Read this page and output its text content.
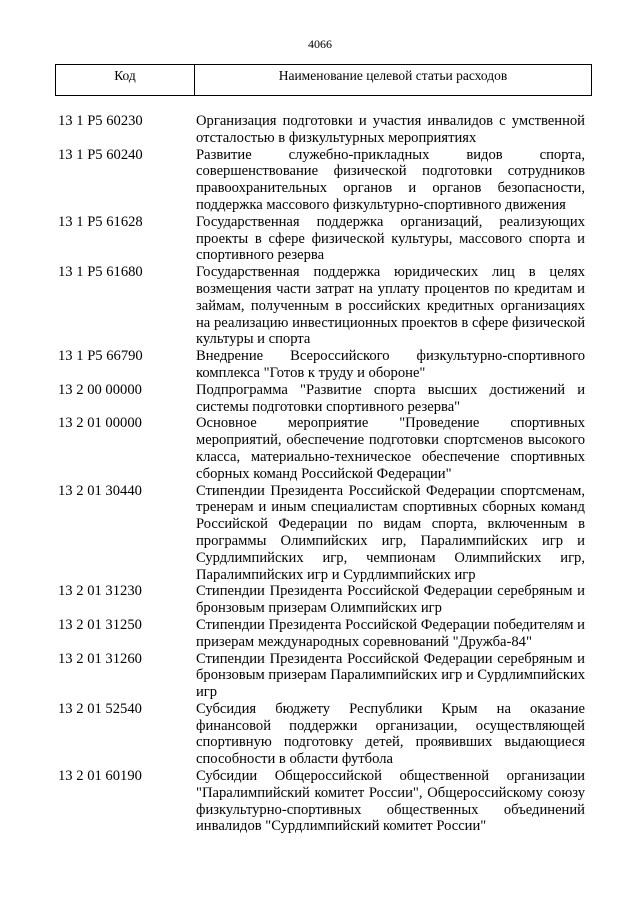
4066
Код	Наименование целевой статьи расходов
13 1 Р5 60230	Организация подготовки и участия инвалидов с умственной
отсталостью в физкультурных мероприятиях
13 1 Р5 60240	Развитие служебно-прикладных видов спорта,
совершенствование физической подготовки сотрудников
правоохранительных органов и органов безопасности,
поддержка массового физкультурно-спортивного движения
13 1 Р5 61628	Государственная поддержка организаций, реализующих
проекты в сфере физической культуры, массового спорта и
спортивного резерва
13 1 Р5 61680	Государственная поддержка юридических лиц в целях
возмещения части затрат на уплату процентов по кредитам и
займам, полученным в российских кредитных организациях
на реализацию инвестиционных проектов в сфере физической
культуры и спорта
13 1 Р5 66790	Внедрение Всероссийского физкультурно-спортивного
комплекса "Готов к труду и обороне"
13 2 00 00000	Подпрограмма "Развитие спорта высших достижений и
системы подготовки спортивного резерва"
13 2 01 00000	Основное мероприятие "Проведение спортивных
мероприятий, обеспечение подготовки спортсменов высокого
класса, материально-техническое обеспечение спортивных
сборных команд Российской Федерации"
13 2 01 30440	Стипендии Президента Российской Федерации спортсменам,
тренерам и иным специалистам спортивных сборных команд
Российской Федерации по видам спорта, включенным в
программы Олимпийских игр, Паралимпийских игр и
Сурдлимпийских игр, чемпионам Олимпийских игр,
Паралимпийских игр и Сурдлимпийских игр
13 2 01 31230	Стипендии Президента Российской Федерации серебряным и
бронзовым призерам Олимпийских игр
13 2 01 31250	Стипендии Президента Российской Федерации победителям и
призерам международных соревнований "Дружба-84"
13 2 01 31260	Стипендии Президента Российской Федерации серебряным и
бронзовым призерам Паралимпийских игр и Сурдлимпийских
игр
13 2 01 52540	Субсидия бюджету Республики Крым на оказание
финансовой поддержки организации, осуществляющей
спортивную подготовку детей, проявивших выдающиеся
способности в области футбола
13 2 01 60190	Субсидии Общероссийской общественной организации
"Паралимпийский комитет России", Общероссийскому союзу
физкультурно-спортивных общественных объединений
инвалидов "Сурдлимпийский комитет России"
